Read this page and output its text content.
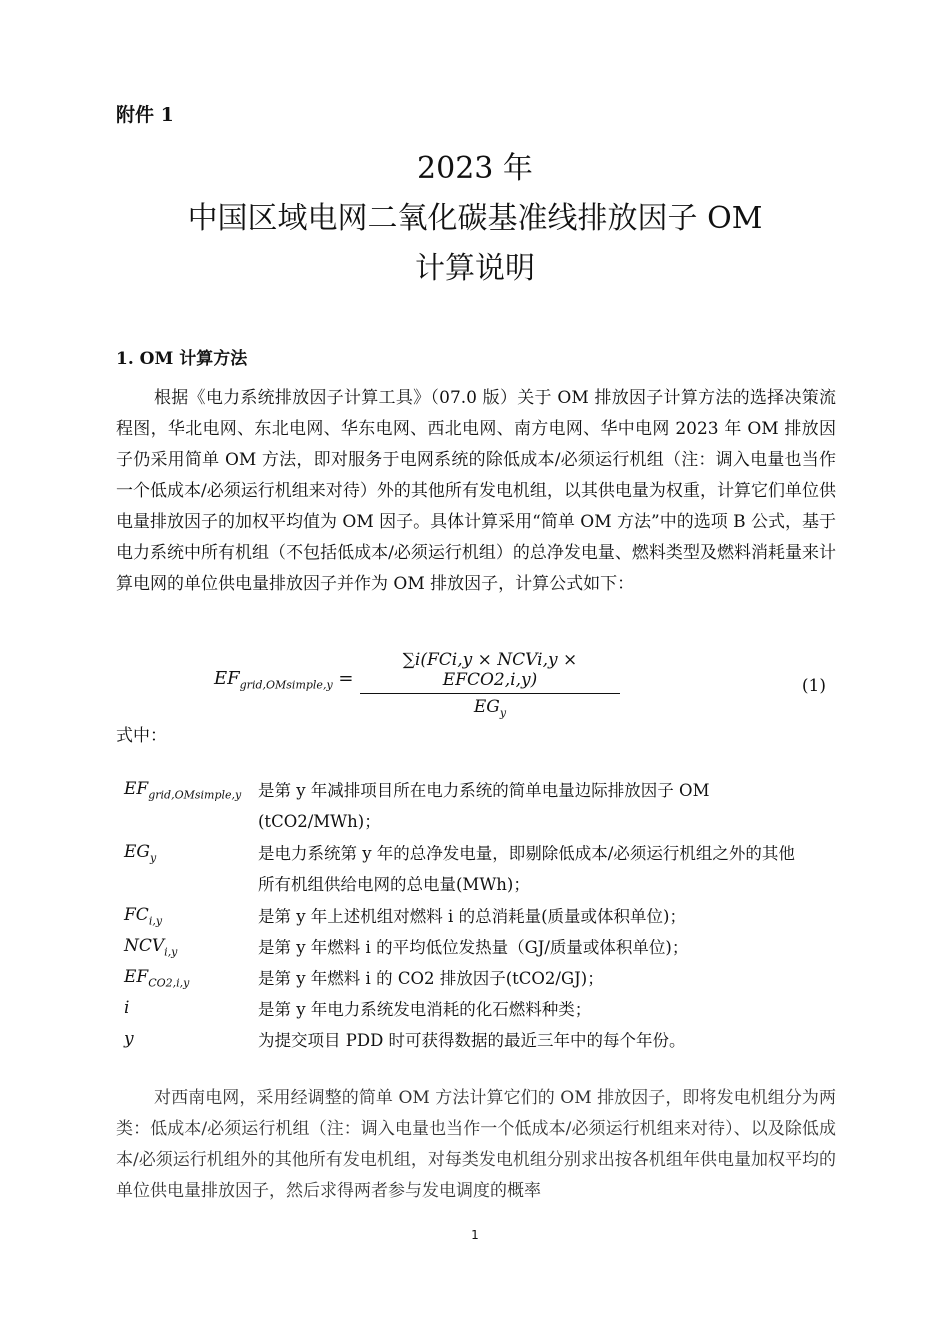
附件 1
2023 年
中国区域电网二氧化碳基准线排放因子 OM
计算说明
1. OM 计算方法
根据《电力系统排放因子计算工具》（07.0 版）关于 OM 排放因子计算方法的选择决策流程图，华北电网、东北电网、华东电网、西北电网、南方电网、华中电网 2023 年 OM 排放因子仍采用简单 OM 方法，即对服务于电网系统的除低成本/必须运行机组（注：调入电量也当作一个低成本/必须运行机组来对待）外的其他所有发电机组，以其供电量为权重，计算它们单位供电量排放因子的加权平均值为 OM 因子。具体计算采用“简单 OM 方法”中的选项 B 公式，基于电力系统中所有机组（不包括低成本/必须运行机组）的总净发电量、燃料类型及燃料消耗量来计算电网的单位供电量排放因子并作为 OM 排放因子，计算公式如下：
$EF_{grid,OMsimple,y}$ =
∑i(FCi,y × NCVi,y × EFCO2,i,y)
$EG_y$
(1)
式中：
$EF_{grid,OMsimple,y}$ 是第 y 年减排项目所在电力系统的简单电量边际排放因子 OM (tCO2/MWh)；
$EG_y$	是电力系统第 y 年的总净发电量，即剔除低成本/必须运行机组之外的其他所有机组供给电网的总电量(MWh)；
$FC_{i,y}$	是第 y 年上述机组对燃料 i 的总消耗量(质量或体积单位)；
$NCV_{i,y}$	是第 y 年燃料 i 的平均低位发热量（GJ/质量或体积单位)；
$EF_{CO2,i,y}$	是第 y 年燃料 i 的 CO2 排放因子(tCO2/GJ)；
i	是第 y 年电力系统发电消耗的化石燃料种类；
y	为提交项目 PDD 时可获得数据的最近三年中的每个年份。
对西南电网，采用经调整的简单 OM 方法计算它们的 OM 排放因子，即将发电机组分为两类：低成本/必须运行机组（注：调入电量也当作一个低成本/必须运行机组来对待）、以及除低成本/必须运行机组外的其他所有发电机组，对每类发电机组分别求出按各机组年供电量加权平均的单位供电量排放因子，然后求得两者参与发电调度的概率
1
